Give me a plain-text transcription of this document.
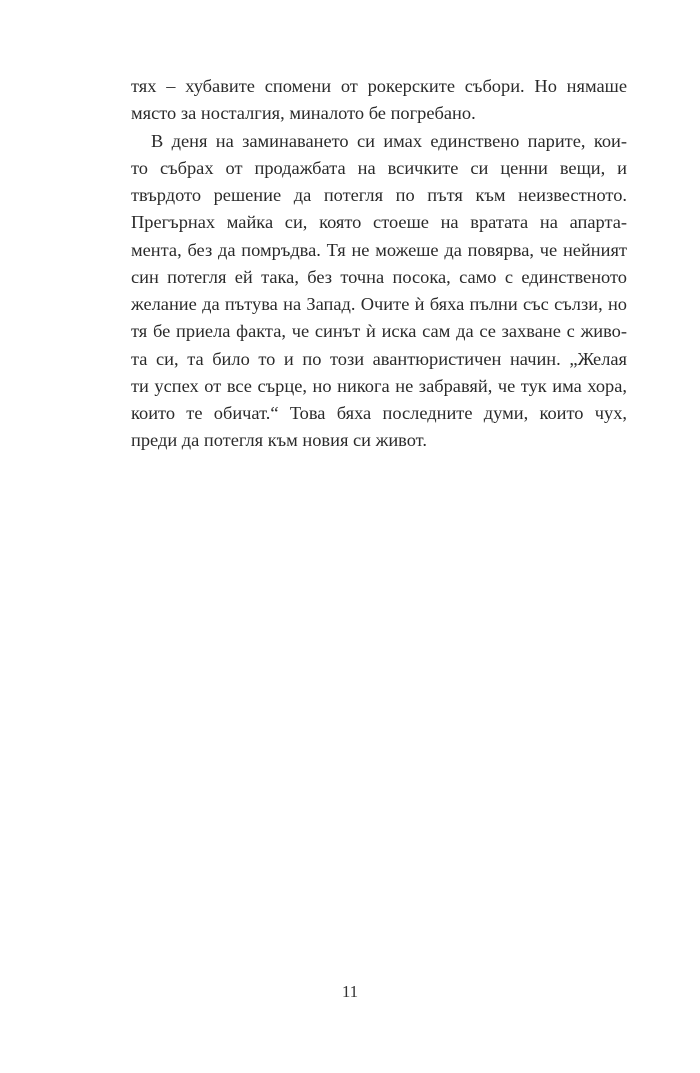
тях – хубавите спомени от рокерските събори. Но нямаше
място за носталгия, миналото бе погребано.

В деня на заминаването си имах единствено парите, кои-
то събрах от продажбата на всичките си ценни вещи, и
твърдото решение да потегля по пътя към неизвестното.
Прегърнах майка си, която стоеше на вратата на апарта-
мента, без да помръдва. Тя не можеше да повярва, че нейният
син потегля ей така, без точна посока, само с единственото
желание да пътува на Запад. Очите ѝ бяха пълни със сълзи, но
тя бе приела факта, че синът ѝ иска сам да се захване с живо-
та си, та било то и по този авантюристичен начин. „Желая
ти успех от все сърце, но никога не забравяй, че тук има хора,
които те обичат.“ Това бяха последните думи, които чух,
преди да потегля към новия си живот.

11
